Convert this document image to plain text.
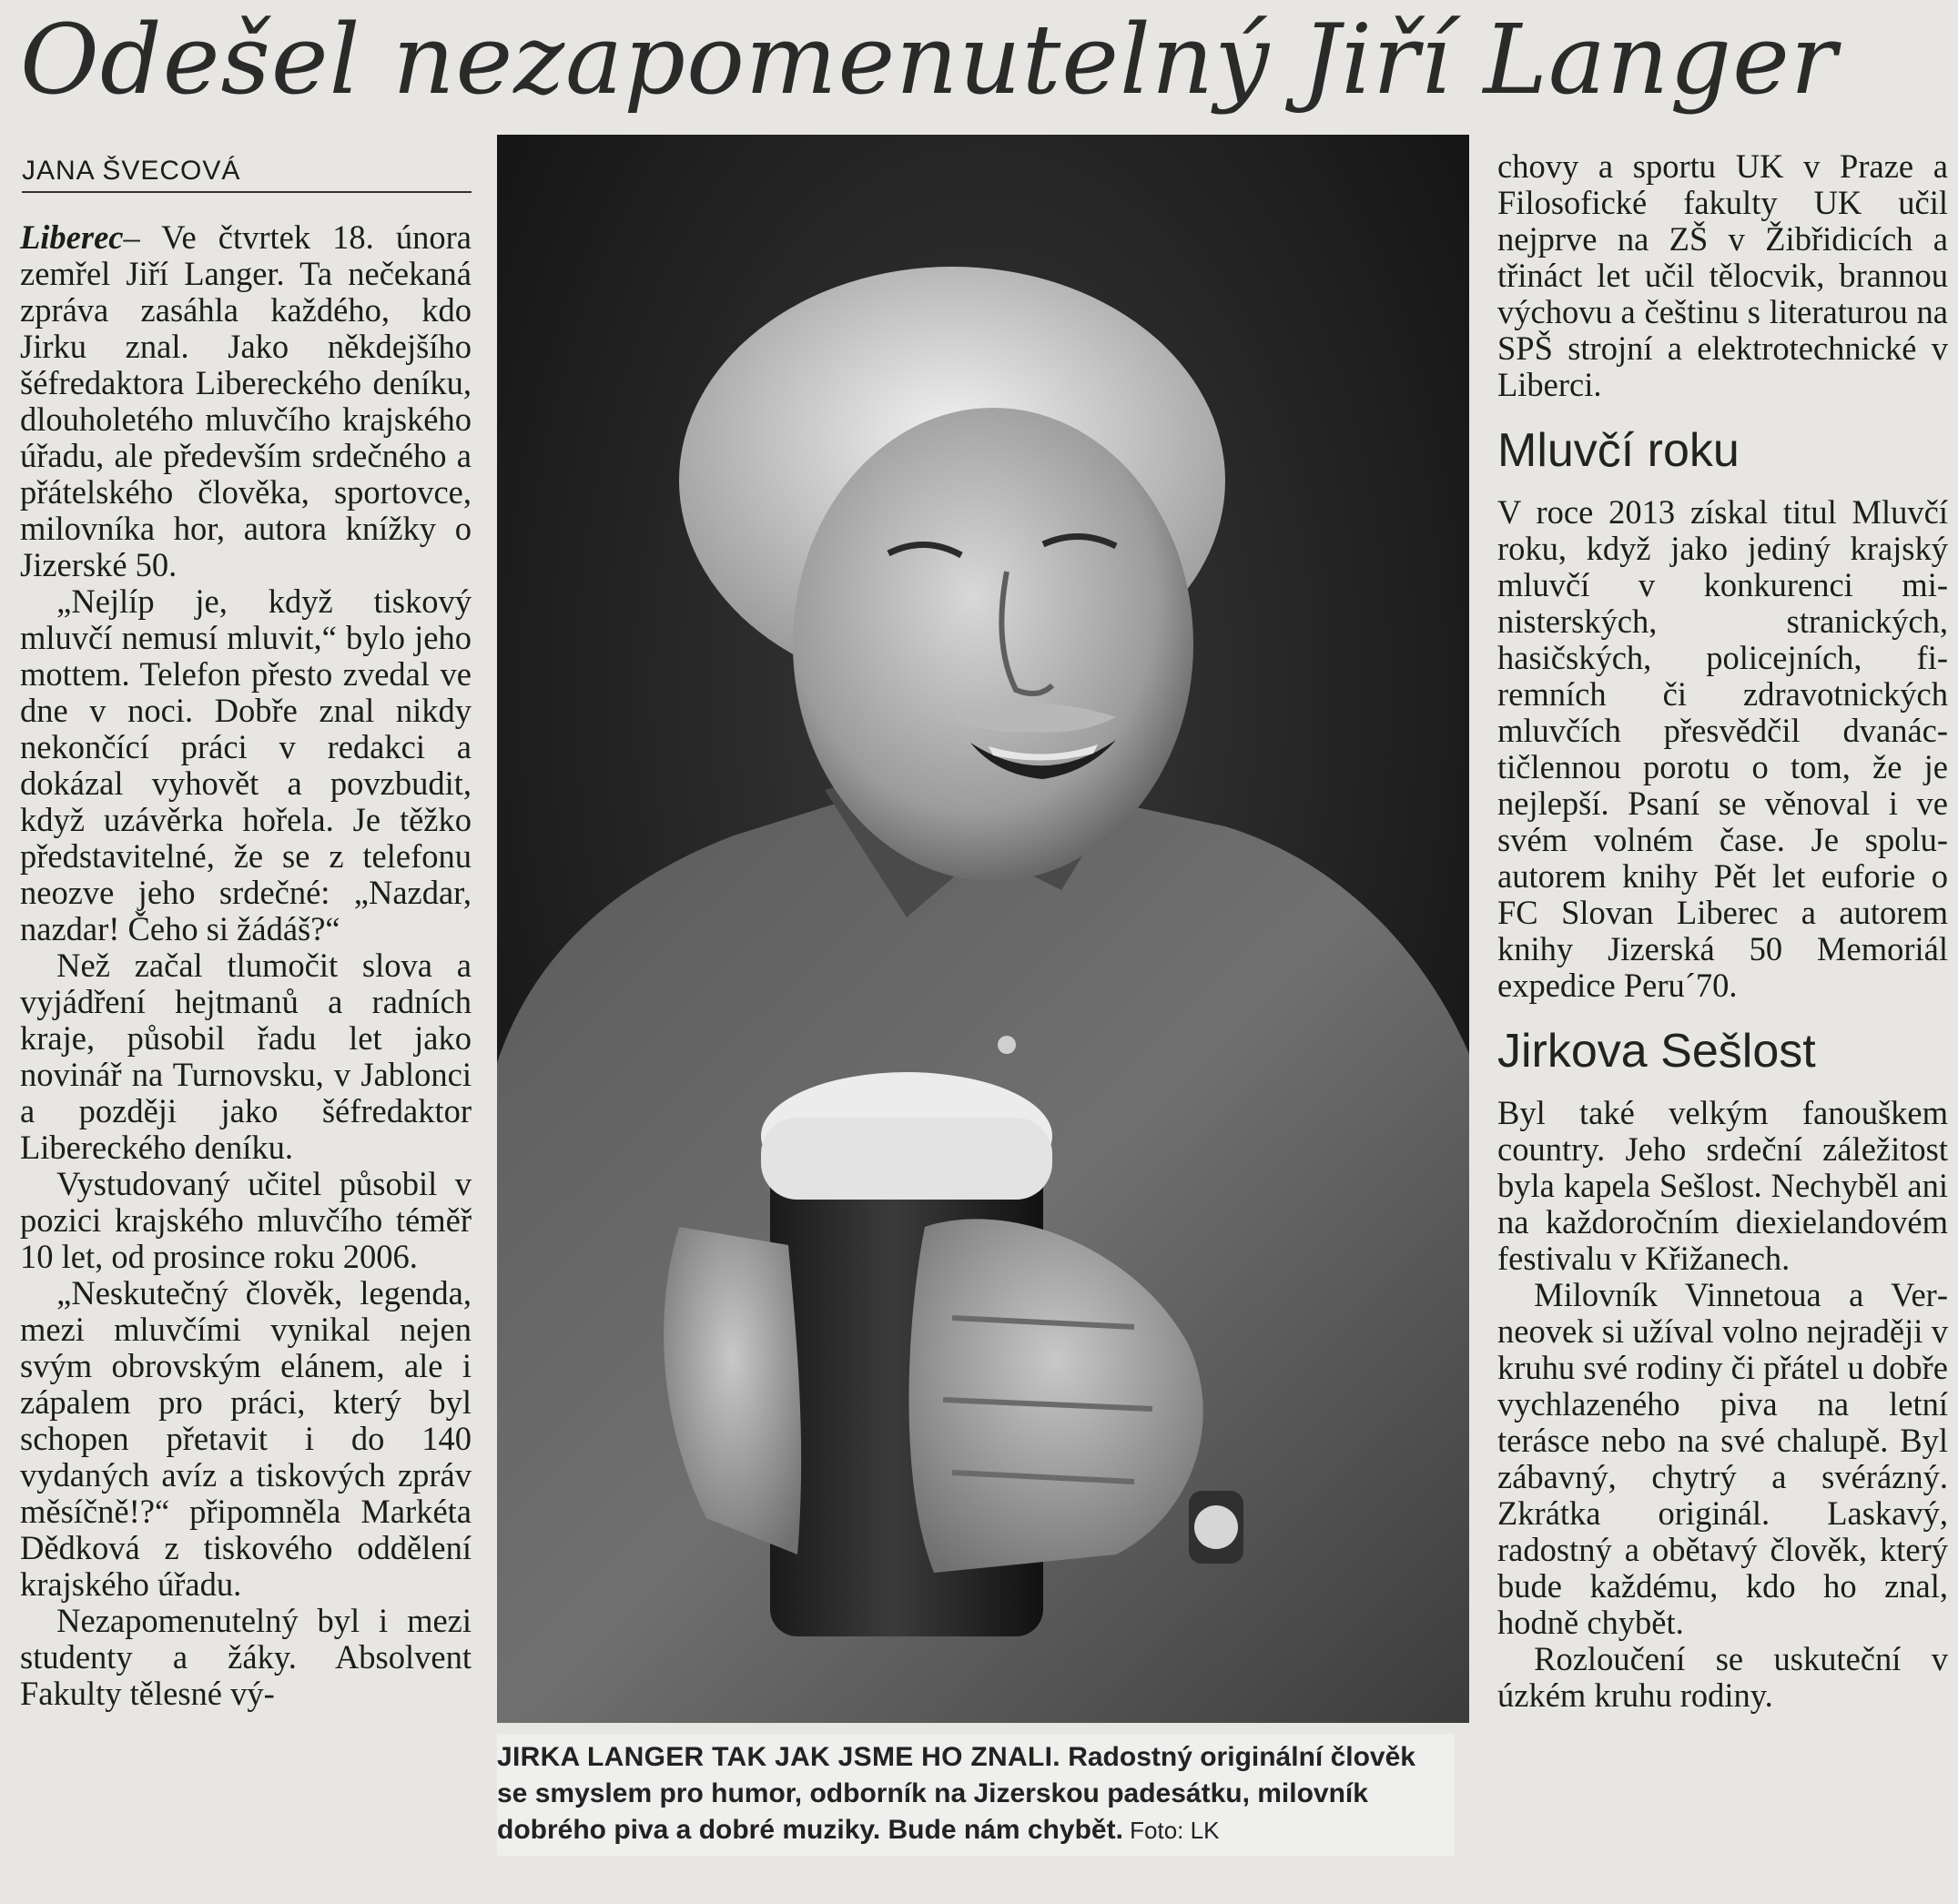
Odešel nezapomenutelný Jiří Langer
JANA ŠVECOVÁ

Liberec– Ve čtvrtek 18. února zemřel Jiří Langer. Ta nečekaná zpráva zasáhla každého, kdo Jirku znal. Jako někdejšího šéfredaktora Libereckého deníku, dlouholetého mluvčího krajského úřadu, ale především srdečného a přátelského člověka, sportovce, milovníka hor, autora knížky o Jizerské 50.

„Nejlíp je, když tiskový mluvčí nemusí mluvit,“ bylo jeho mottem. Telefon přesto zvedal ve dne v noci. Dobře znal nikdy nekončící práci v redakci a dokázal vyhovět a povzbudit, když uzávěrka hořela. Je těžko představitelné, že se z telefonu neozve jeho srdečné: „Nazdar, nazdar! Čeho si žádáš?“

Než začal tlumočit slova a vyjádření hejtmanů a radních kraje, působil řadu let jako novinář na Turnovsku, v Jablonci a později jako šéfredaktor Libereckého deníku.

Vystudovaný učitel působil v pozici krajského mluvčího téměř 10 let, od prosince roku 2006.

„Neskutečný člověk, legenda, mezi mluvčími vynikal nejen svým obrovským elánem, ale i zápalem pro práci, který byl schopen přetavit i do 140 vydaných avíz a tiskových zpráv měsíčně!?“ připomněla Markéta Dědková z tiskového oddělení krajského úřadu.

Nezapomenutelný byl i mezi studenty a žáky. Absolvent Fakulty tělesné vý-

JIRKA LANGER TAK JAK JSME HO ZNALI. Radostný originální člověk se smyslem pro humor, odborník na Jizerskou padesátku, milovník dobrého piva a dobré muziky. Bude nám chybět. Foto: LK

chovy a sportu UK v Praze a Filosofické fakulty UK učil nejprve na ZŠ v Žibřidicích a třináct let učil tělocvik, brannou výchovu a češtinu s literaturou na SPŠ strojní a elektrotechnické v Liberci.

Mluvčí roku

V roce 2013 získal titul Mluvčí roku, když jako jediný krajský mluvčí v konkurenci ministerských, stranických, hasičských, policejních, firemních či zdravotnických mluvčích přesvědčil dvanáctičlennou porotu o tom, že je nejlepší. Psaní se věnoval i ve svém volném čase. Je spoluautorem knihy Pět let euforie o FC Slovan Liberec a autorem knihy Jizerská 50 Memoriál expedice Peru´70.

Jirkova Sešlost

Byl také velkým fanouškem country. Jeho srdeční záležitost byla kapela Sešlost. Nechyběl ani na každoročním diexielandovém festivalu v Křižanech.

Milovník Vinnetoua a Verneovek si užíval volno nejraději v kruhu své rodiny či přátel u dobře vychlazeného piva na letní terásce nebo na své chalupě. Byl zábavný, chytrý a svérázný. Zkrátka originál. Laskavý, radostný a obětavý člověk, který bude každému, kdo ho znal, hodně chybět.

Rozloučení se uskuteční v úzkém kruhu rodiny.
